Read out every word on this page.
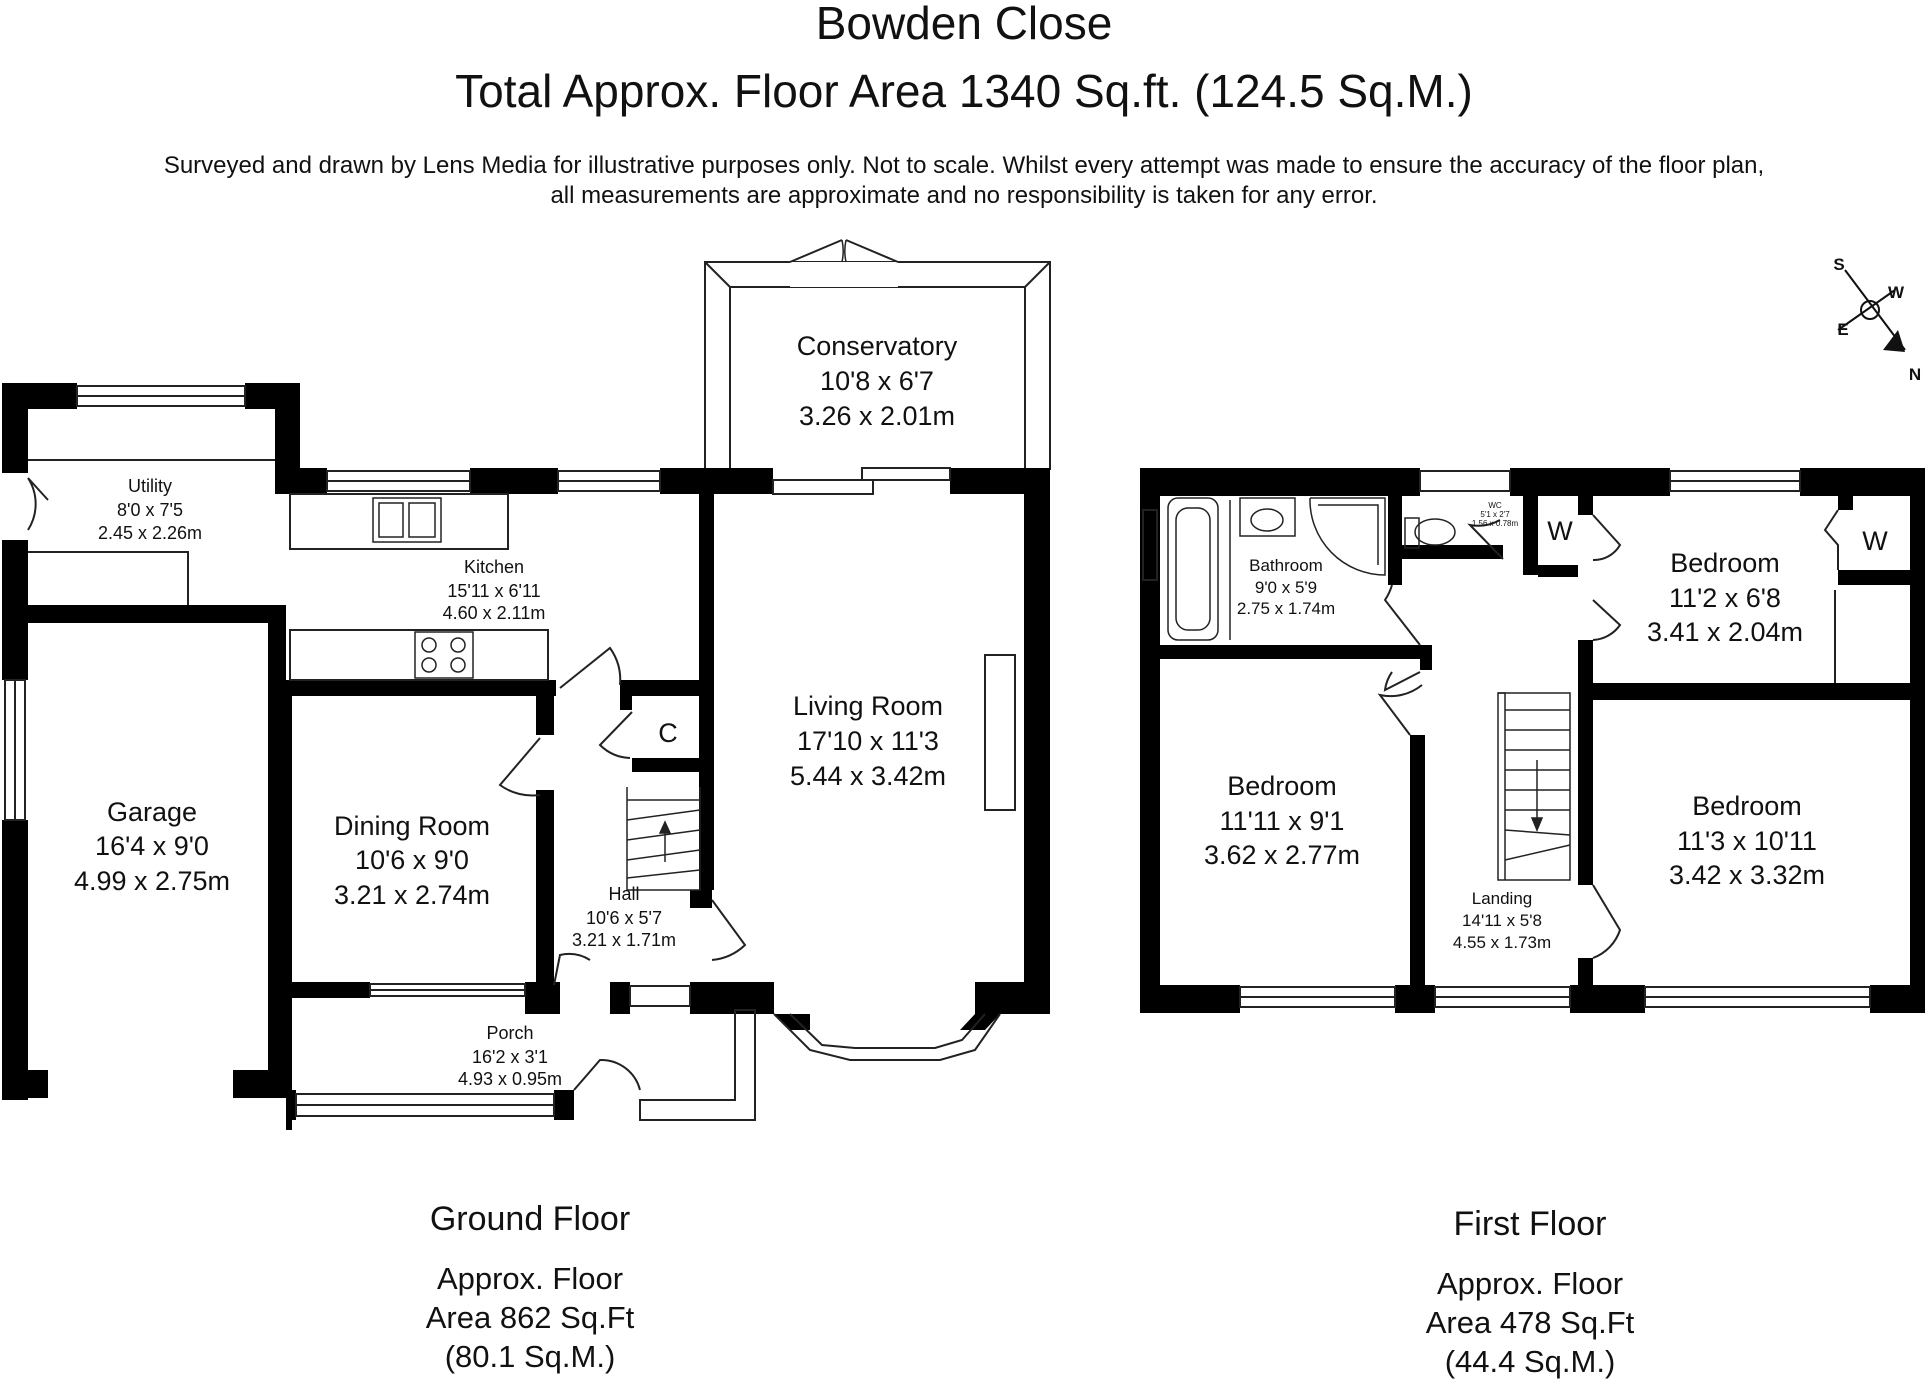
Bowden Close
Total Approx. Floor Area 1340 Sq.ft. (124.5 Sq.M.)
Surveyed and drawn by Lens Media for illustrative purposes only. Not to scale. Whilst every attempt was made to ensure the accuracy of the floor plan,
all measurements are approximate and no responsibility is taken for any error.
Conservatory
10'8 x 6'7
3.26 x 2.01m
Utility
8'0 x 7'5
2.45 x 2.26m
Kitchen
15'11 x 6'11
4.60 x 2.11m
Garage
16'4 x 9'0
4.99 x 2.75m
Dining Room
10'6 x 9'0
3.21 x 2.74m
Living Room
17'10 x 11'3
5.44 x 3.42m
C
Hall
10'6 x 5'7
3.21 x 1.71m
Porch
16'2 x 3'1
4.93 x 0.95m
Bathroom
9'0 x 5'9
2.75 x 1.74m
WC
5'1 x 2'7
1.56 x 0.78m W	W
Bedroom
11'2 x 6'8
3.41 x 2.04m
Bedroom
11'11 x 9'1
3.62 x 2.77m
Bedroom
11'3 x 10'11
3.42 x 3.32m
Landing
14'11 x 5'8
4.55 x 1.73m
S
W
E
N
Ground Floor
Approx. Floor
Area 862 Sq.Ft
(80.1 Sq.M.)
First Floor
Approx. Floor
Area 478 Sq.Ft
(44.4 Sq.M.)
